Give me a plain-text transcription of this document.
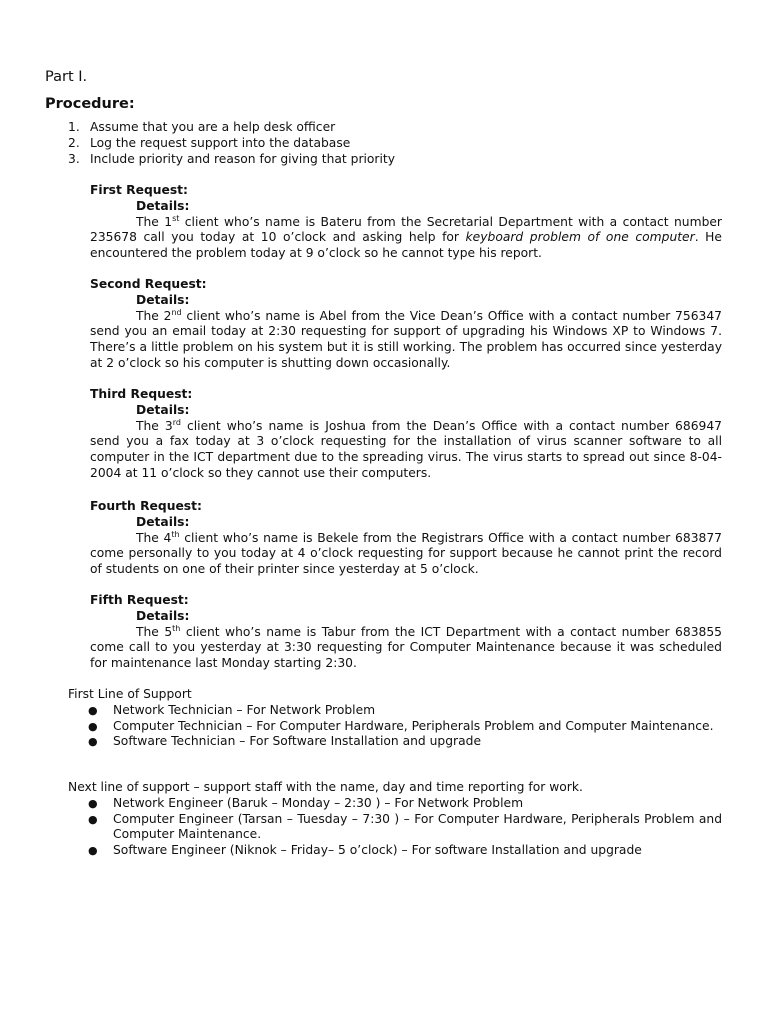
Part I.
Procedure:
1. Assume that you are a help desk officer
2. Log the request support into the database
3. Include priority and reason for giving that priority
First Request:
Details:

The 1st client who’s name is Bateru from the Secretarial Department with a contact number 235678 call you today at 10 o’clock and asking help for keyboard problem of one computer. He encountered the problem today at 9 o’clock so he cannot type his report.

Second Request:
Details:

The 2nd client who’s name is Abel from the Vice Dean’s Office with a contact number 756347 send you an email today at 2:30 requesting for support of upgrading his Windows XP to Windows 7. There’s a little problem on his system but it is still working. The problem has occurred since yesterday at 2 o’clock so his computer is shutting down occasionally.

Third Request:
Details:

The 3rd client who’s name is Joshua from the Dean’s Office with a contact number 686947 send you a fax today at 3 o’clock requesting for the installation of virus scanner software to all computer in the ICT department due to the spreading virus. The virus starts to spread out since 8-04-2004 at 11 o’clock so they cannot use their computers.

Fourth Request:
Details:

The 4th client who’s name is Bekele from the Registrars Office with a contact number 683877 come personally to you today at 4 o’clock requesting for support because he cannot print the record of students on one of their printer since yesterday at 5 o’clock.

Fifth Request:
Details:

The 5th client who’s name is Tabur from the ICT Department with a contact number 683855 come call to you yesterday at 3:30 requesting for Computer Maintenance because it was scheduled for maintenance last Monday starting 2:30.

First Line of Support
● Network Technician – For Network Problem
● Computer Technician – For Computer Hardware, Peripherals Problem and Computer Maintenance.
● Software Technician – For Software Installation and upgrade
Next line of support – support staff with the name, day and time reporting for work.
● Network Engineer (Baruk – Monday – 2:30 ) – For Network Problem
● Computer Engineer (Tarsan – Tuesday – 7:30 ) – For Computer Hardware, Peripherals Problem and Computer Maintenance.
● Software Engineer (Niknok – Friday– 5 o’clock) – For software Installation and upgrade
